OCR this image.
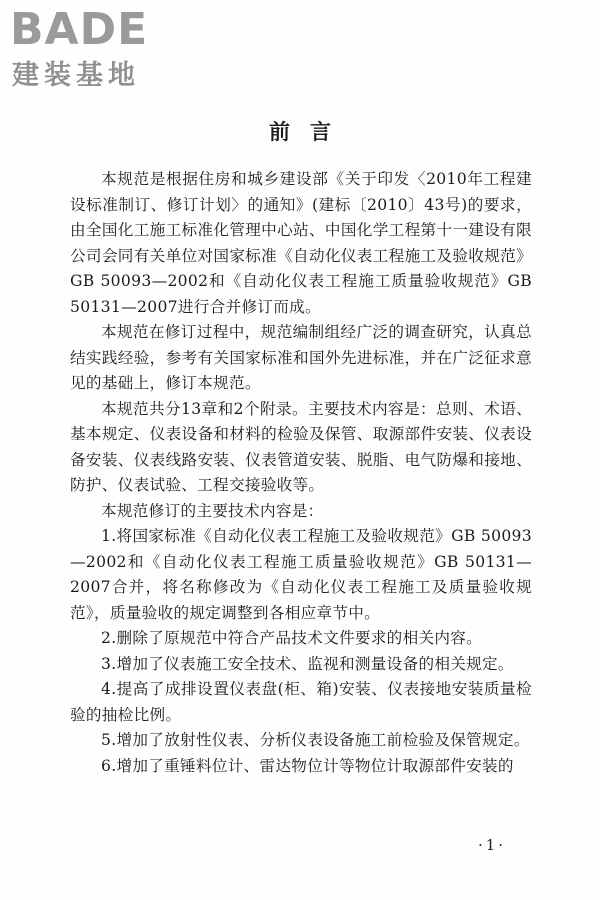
BADE
建装基地
前言

本规范是根据住房和城乡建设部《关于印发〈2010年工程建设标准制订、修订计划〉的通知》(建标〔2010〕43号)的要求，由全国化工施工标准化管理中心站、中国化学工程第十一建设有限公司会同有关单位对国家标准《自动化仪表工程施工及验收规范》GB 50093—2002和《自动化仪表工程施工质量验收规范》GB 50131—2007进行合并修订而成。

本规范在修订过程中，规范编制组经广泛的调查研究，认真总结实践经验，参考有关国家标准和国外先进标准，并在广泛征求意见的基础上，修订本规范。

本规范共分13章和2个附录。主要技术内容是：总则、术语、基本规定、仪表设备和材料的检验及保管、取源部件安装、仪表设备安装、仪表线路安装、仪表管道安装、脱脂、电气防爆和接地、防护、仪表试验、工程交接验收等。

本规范修订的主要技术内容是：

1.将国家标准《自动化仪表工程施工及验收规范》GB 50093—2002和《自动化仪表工程施工质量验收规范》GB 50131—2007合并，将名称修改为《自动化仪表工程施工及质量验收规范》，质量验收的规定调整到各相应章节中。

2.删除了原规范中符合产品技术文件要求的相关内容。

3.增加了仪表施工安全技术、监视和测量设备的相关规定。

4.提高了成排设置仪表盘(柜、箱)安装、仪表接地安装质量检验的抽检比例。

5.增加了放射性仪表、分析仪表设备施工前检验及保管规定。

6.增加了重锤料位计、雷达物位计等物位计取源部件安装的

·1·
